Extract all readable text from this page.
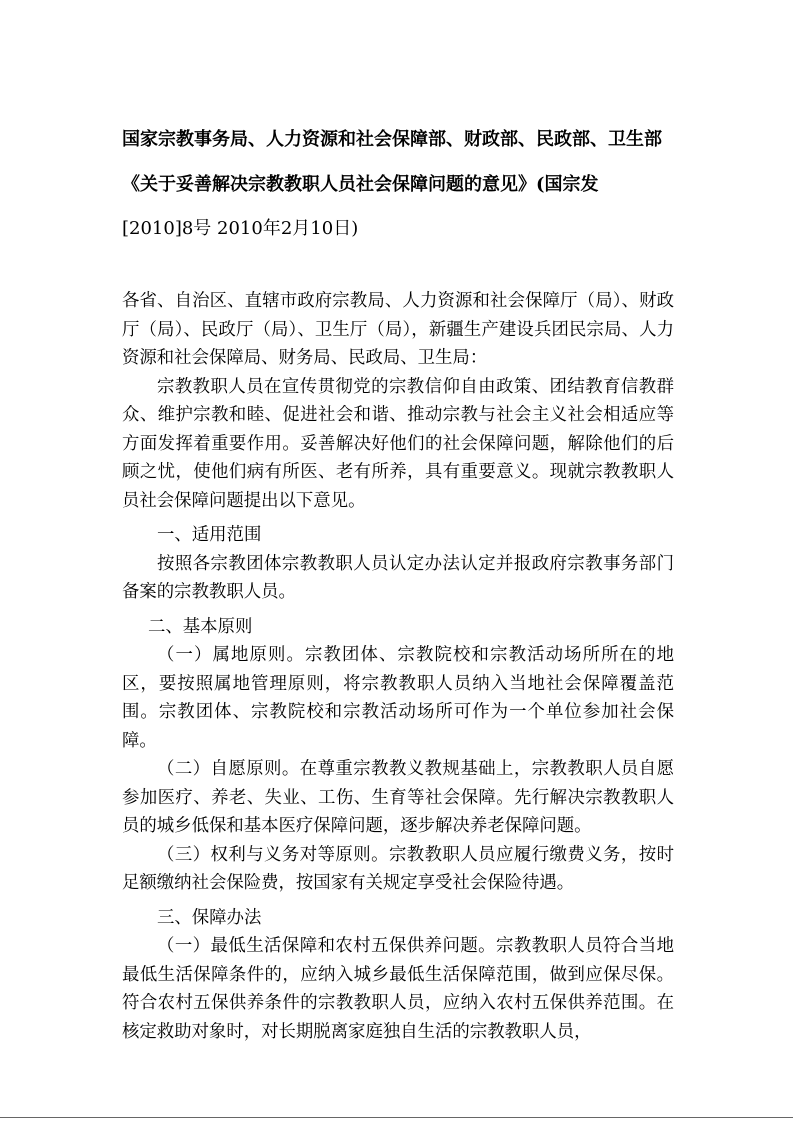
国家宗教事务局、人力资源和社会保障部、财政部、民政部、卫生部
《关于妥善解决宗教教职人员社会保障问题的意见》(国宗发
[2010]8号 2010年2月10日)

各省、自治区、直辖市政府宗教局、人力资源和社会保障厅（局）、财政厅（局）、民政厅（局）、卫生厅（局），新疆生产建设兵团民宗局、人力资源和社会保障局、财务局、民政局、卫生局：

宗教教职人员在宣传贯彻党的宗教信仰自由政策、团结教育信教群众、维护宗教和睦、促进社会和谐、推动宗教与社会主义社会相适应等方面发挥着重要作用。妥善解决好他们的社会保障问题，解除他们的后顾之忧，使他们病有所医、老有所养，具有重要意义。现就宗教教职人员社会保障问题提出以下意见。

一、适用范围

按照各宗教团体宗教教职人员认定办法认定并报政府宗教事务部门备案的宗教教职人员。

二、基本原则

（一）属地原则。宗教团体、宗教院校和宗教活动场所所在的地区，要按照属地管理原则，将宗教教职人员纳入当地社会保障覆盖范围。宗教团体、宗教院校和宗教活动场所可作为一个单位参加社会保障。

（二）自愿原则。在尊重宗教教义教规基础上，宗教教职人员自愿参加医疗、养老、失业、工伤、生育等社会保障。先行解决宗教教职人员的城乡低保和基本医疗保障问题，逐步解决养老保障问题。

（三）权利与义务对等原则。宗教教职人员应履行缴费义务，按时足额缴纳社会保险费，按国家有关规定享受社会保险待遇。

三、保障办法

（一）最低生活保障和农村五保供养问题。宗教教职人员符合当地最低生活保障条件的，应纳入城乡最低生活保障范围，做到应保尽保。符合农村五保供养条件的宗教教职人员，应纳入农村五保供养范围。在核定救助对象时，对长期脱离家庭独自生活的宗教教职人员，
